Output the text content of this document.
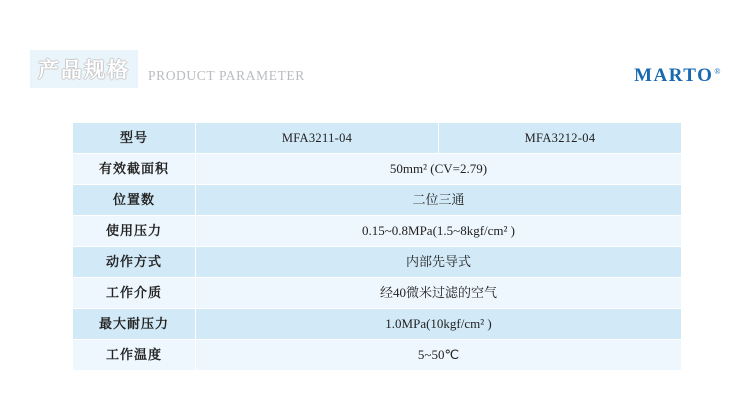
产品规格	PRODUCT PARAMETER	MARTO®
型号	MFA3211-04	MFA3212-04
有效截面积	50mm² (CV=2.79)	
位置数	二位三通	
使用压力	0.15~0.8MPa(1.5~8kgf/cm² )	
动作方式	内部先导式	
工作介质	经40微米过滤的空气	
最大耐压力	1.0MPa(10kgf/cm² )	
工作温度	5~50℃	
